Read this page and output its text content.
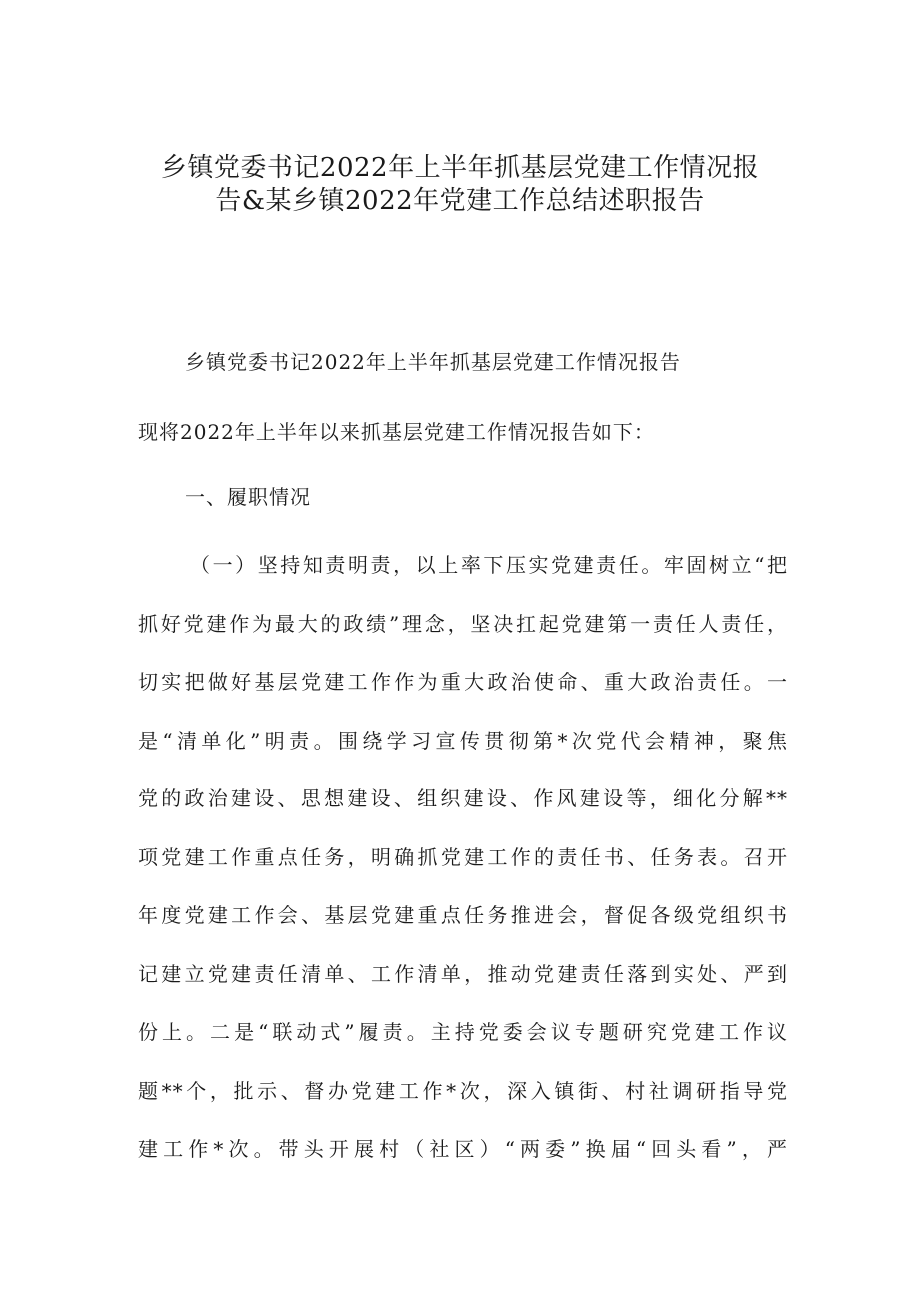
乡镇党委书记2022年上半年抓基层党建工作情况报
告&某乡镇2022年党建工作总结述职报告
乡镇党委书记2022年上半年抓基层党建工作情况报告
现将2022年上半年以来抓基层党建工作情况报告如下：
一、履职情况
（一）坚持知责明责，以上率下压实党建责任。牢固树立“把
抓好党建作为最大的政绩”理念，坚决扛起党建第一责任人责任，
切实把做好基层党建工作作为重大政治使命、重大政治责任。一
是“清单化”明责。围绕学习宣传贯彻第*次党代会精神，聚焦
党的政治建设、思想建设、组织建设、作风建设等，细化分解**
项党建工作重点任务，明确抓党建工作的责任书、任务表。召开
年度党建工作会、基层党建重点任务推进会，督促各级党组织书
记建立党建责任清单、工作清单，推动党建责任落到实处、严到
份上。二是“联动式”履责。主持党委会议专题研究党建工作议
题**个，批示、督办党建工作*次，深入镇街、村社调研指导党
建工作*次。带头开展村（社区）“两委”换届“回头看”，严
